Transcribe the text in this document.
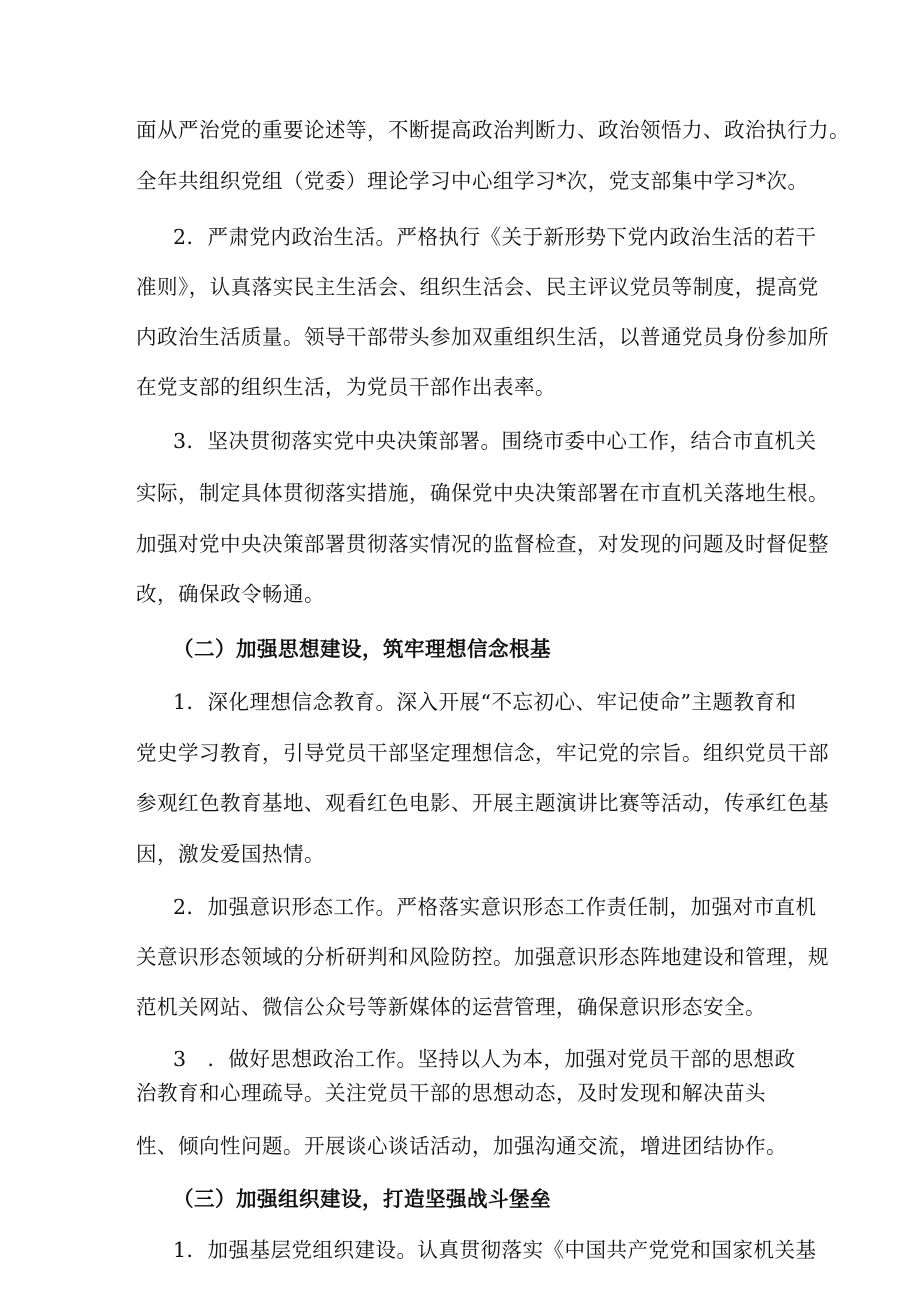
面从严治党的重要论述等，不断提高政治判断力、政治领悟力、政治执行力。
全年共组织党组（党委）理论学习中心组学习*次，党支部集中学习*次。
2．严肃党内政治生活。严格执行《关于新形势下党内政治生活的若干
准则》，认真落实民主生活会、组织生活会、民主评议党员等制度，提高党
内政治生活质量。领导干部带头参加双重组织生活，以普通党员身份参加所
在党支部的组织生活，为党员干部作出表率。
3．坚决贯彻落实党中央决策部署。围绕市委中心工作，结合市直机关
实际，制定具体贯彻落实措施，确保党中央决策部署在市直机关落地生根。
加强对党中央决策部署贯彻落实情况的监督检查，对发现的问题及时督促整
改，确保政令畅通。
（二）加强思想建设，筑牢理想信念根基
1．深化理想信念教育。深入开展“不忘初心、牢记使命”主题教育和
党史学习教育，引导党员干部坚定理想信念，牢记党的宗旨。组织党员干部
参观红色教育基地、观看红色电影、开展主题演讲比赛等活动，传承红色基
因，激发爱国热情。
2．加强意识形态工作。严格落实意识形态工作责任制，加强对市直机
关意识形态领域的分析研判和风险防控。加强意识形态阵地建设和管理，规
范机关网站、微信公众号等新媒体的运营管理，确保意识形态安全。
3　．做好思想政治工作。坚持以人为本，加强对党员干部的思想政
治教育和心理疏导。关注党员干部的思想动态，及时发现和解决苗头
性、倾向性问题。开展谈心谈话活动，加强沟通交流，增进团结协作。
（三）加强组织建设，打造坚强战斗堡垒
1．加强基层党组织建设。认真贯彻落实《中国共产党党和国家机关基
